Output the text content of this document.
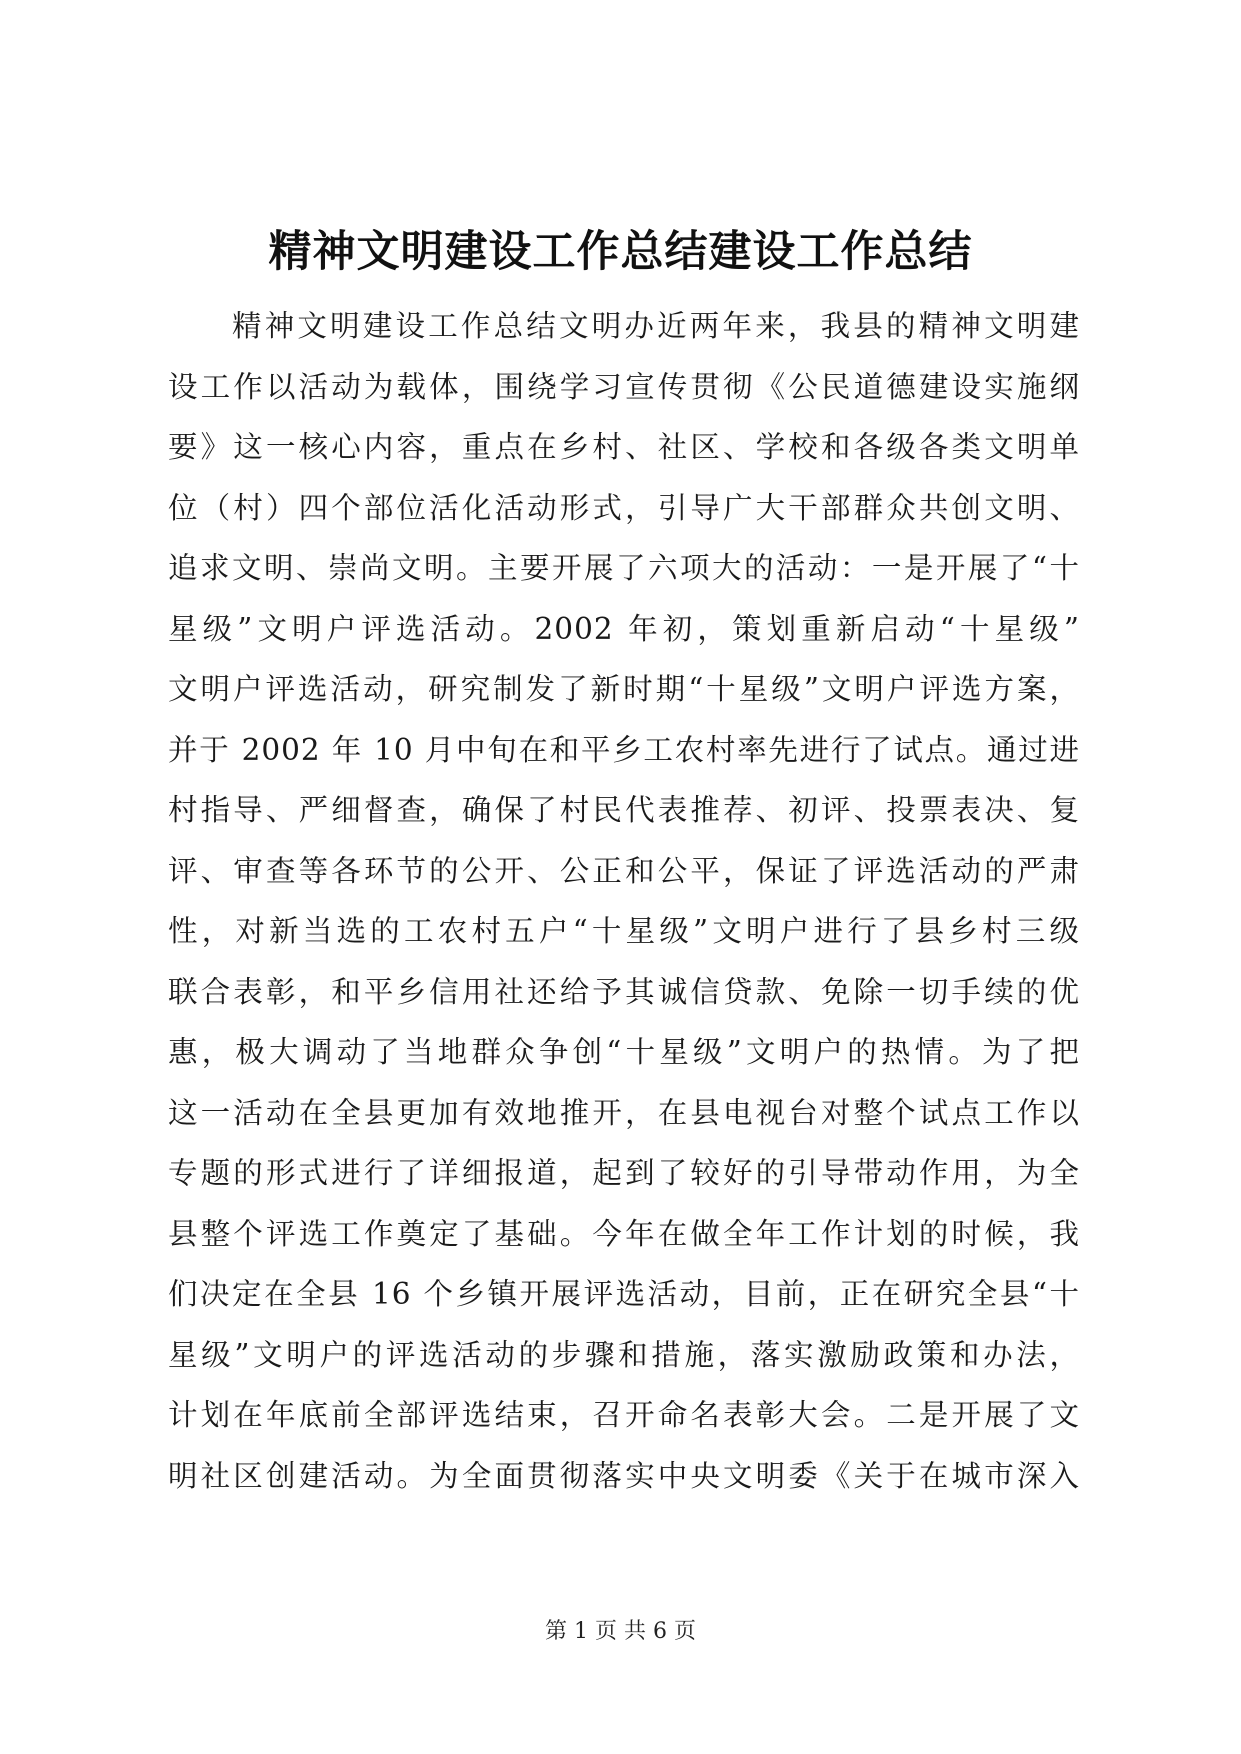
精神文明建设工作总结建设工作总结
精神文明建设工作总结文明办近两年来，我县的精神文明建
设工作以活动为载体，围绕学习宣传贯彻《公民道德建设实施纲
要》这一核心内容，重点在乡村、社区、学校和各级各类文明单
位（村）四个部位活化活动形式，引导广大干部群众共创文明、
追求文明、崇尚文明。主要开展了六项大的活动：一是开展了“十
星级”文明户评选活动。2002 年初，策划重新启动“十星级”
文明户评选活动，研究制发了新时期“十星级”文明户评选方案，
并于 2002 年 10 月中旬在和平乡工农村率先进行了试点。通过进
村指导、严细督查，确保了村民代表推荐、初评、投票表决、复
评、审查等各环节的公开、公正和公平，保证了评选活动的严肃
性，对新当选的工农村五户“十星级”文明户进行了县乡村三级
联合表彰，和平乡信用社还给予其诚信贷款、免除一切手续的优
惠，极大调动了当地群众争创“十星级”文明户的热情。为了把
这一活动在全县更加有效地推开，在县电视台对整个试点工作以
专题的形式进行了详细报道，起到了较好的引导带动作用，为全
县整个评选工作奠定了基础。今年在做全年工作计划的时候，我
们决定在全县 16 个乡镇开展评选活动，目前，正在研究全县“十
星级”文明户的评选活动的步骤和措施，落实激励政策和办法，
计划在年底前全部评选结束，召开命名表彰大会。二是开展了文
明社区创建活动。为全面贯彻落实中央文明委《关于在城市深入
第 1 页 共 6 页
